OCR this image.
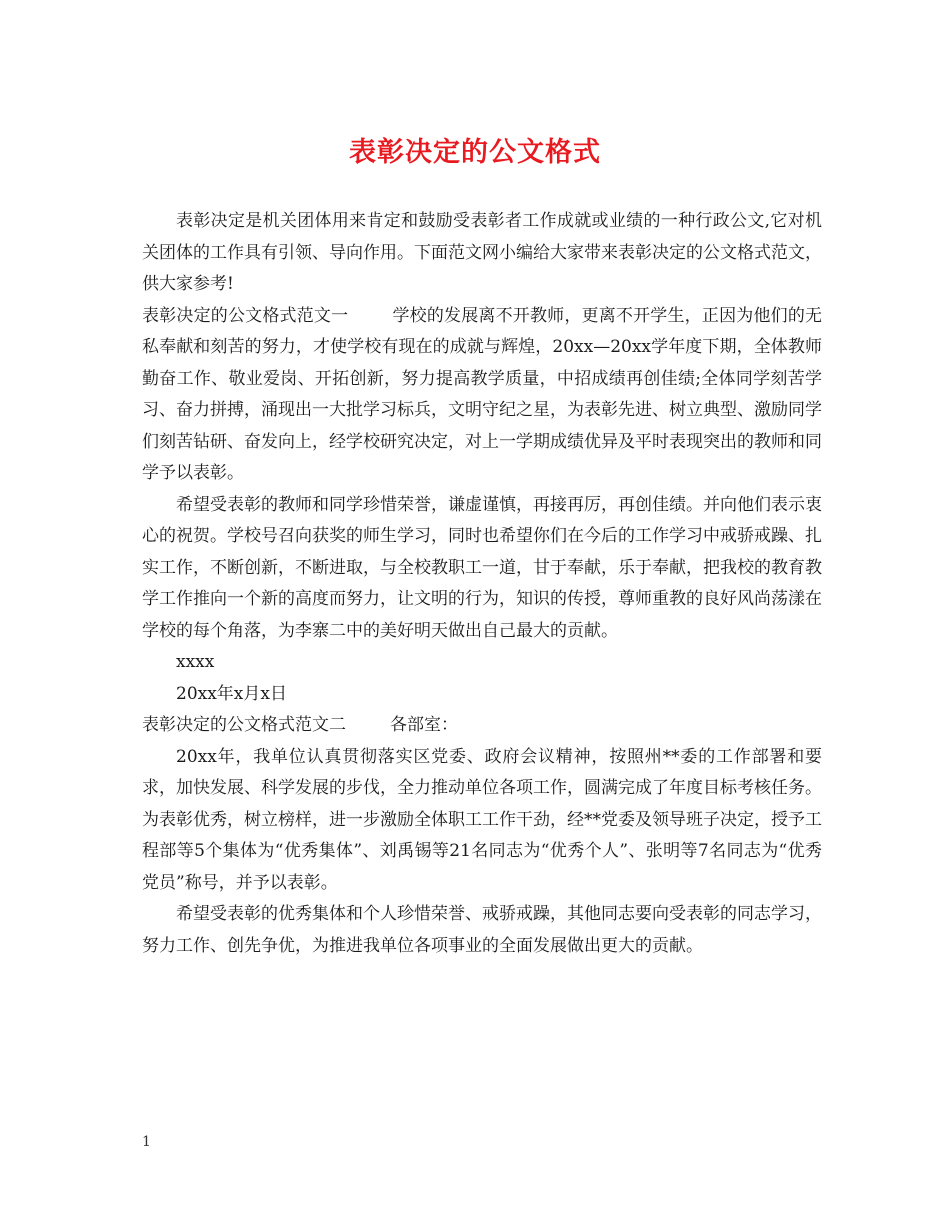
表彰决定的公文格式

表彰决定是机关团体用来肯定和鼓励受表彰者工作成就或业绩的一种行政公文,它对机关团体的工作具有引领、导向作用。下面范文网小编给大家带来表彰决定的公文格式范文，供大家参考!

表彰决定的公文格式范文一	学校的发展离不开教师，更离不开学生，正因为他们的无私奉献和刻苦的努力，才使学校有现在的成就与辉煌，20xx—20xx学年度下期，全体教师勤奋工作、敬业爱岗、开拓创新，努力提高教学质量，中招成绩再创佳绩;全体同学刻苦学习、奋力拼搏，涌现出一大批学习标兵，文明守纪之星，为表彰先进、树立典型、激励同学们刻苦钻研、奋发向上，经学校研究决定，对上一学期成绩优异及平时表现突出的教师和同学予以表彰。

希望受表彰的教师和同学珍惜荣誉，谦虚谨慎，再接再厉，再创佳绩。并向他们表示衷心的祝贺。学校号召向获奖的师生学习，同时也希望你们在今后的工作学习中戒骄戒躁、扎实工作，不断创新，不断进取，与全校教职工一道，甘于奉献，乐于奉献，把我校的教育教学工作推向一个新的高度而努力，让文明的行为，知识的传授，尊师重教的良好风尚荡漾在学校的每个角落，为李寨二中的美好明天做出自己最大的贡献。

xxxx

20xx年x月x日

表彰决定的公文格式范文二	各部室：

20xx年，我单位认真贯彻落实区党委、政府会议精神，按照州**委的工作部署和要求，加快发展、科学发展的步伐，全力推动单位各项工作，圆满完成了年度目标考核任务。为表彰优秀，树立榜样，进一步激励全体职工工作干劲，经**党委及领导班子决定，授予工程部等5个集体为“优秀集体”、刘禹锡等21名同志为“优秀个人”、张明等7名同志为“优秀党员”称号，并予以表彰。

希望受表彰的优秀集体和个人珍惜荣誉、戒骄戒躁，其他同志要向受表彰的同志学习，努力工作、创先争优，为推进我单位各项事业的全面发展做出更大的贡献。

1
